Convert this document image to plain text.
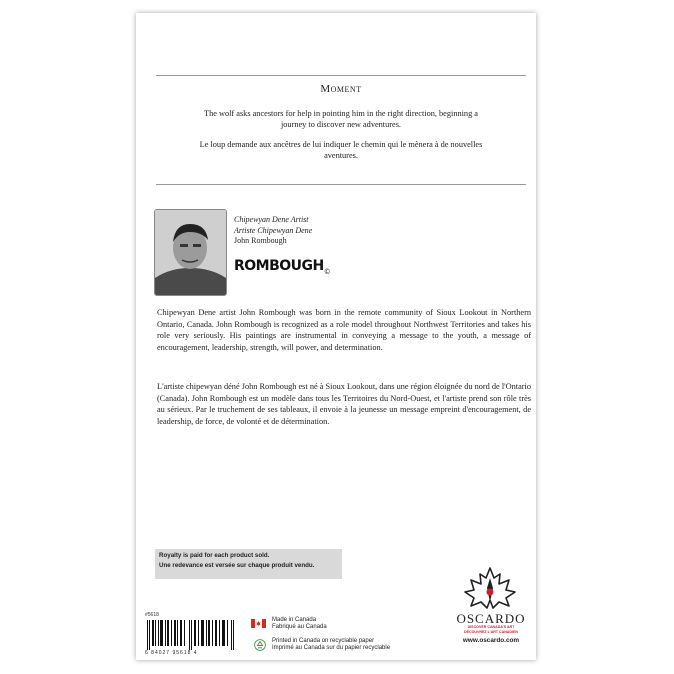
Moment
The wolf asks ancestors for help in pointing him in the right direction, beginning a journey to discover new adventures.
Le loup demande aux ancêtres de lui indiquer le chemin qui le mènera à de nouvelles aventures.
Chipewyan Dene Artist
Artiste Chipewyan Dene
John Rombough
$ROMBOUGH_©$
Chipewyan Dene artist John Rombough was born in the remote community of Sioux Lookout in Northern Ontario, Canada. John Rombough is recognized as a role model throughout Northwest Territories and takes his role very seriously. His paintings are instrumental in conveying a message to the youth, a message of encouragement, leadership, strength, will power, and determination.
L'artiste chipewyan déné John Rombough est né à Sioux Lookout, dans une région éloignée du nord de l'Ontario (Canada). John Rombough est un modèle dans tous les Territoires du Nord-Ouest, et l'artiste prend son rôle très au sérieux. Par le truchement de ses tableaux, il envoie à la jeunesse un message empreint d'encouragement, de leadership, de force, de volonté et de détermination.
Royalty is paid for each product sold.
Une redevance est versée sur chaque produit vendu.
#5618
6 84027 95618 4
Made in Canada
Fabriqué au Canada
Printed in Canada on recyclable paper
Imprimé au Canada sur du papier recyclable
OSCARDO
DISCOVER CANADA'S ART
DÉCOUVREZ L'ART CANADIEN
www.oscardo.com
